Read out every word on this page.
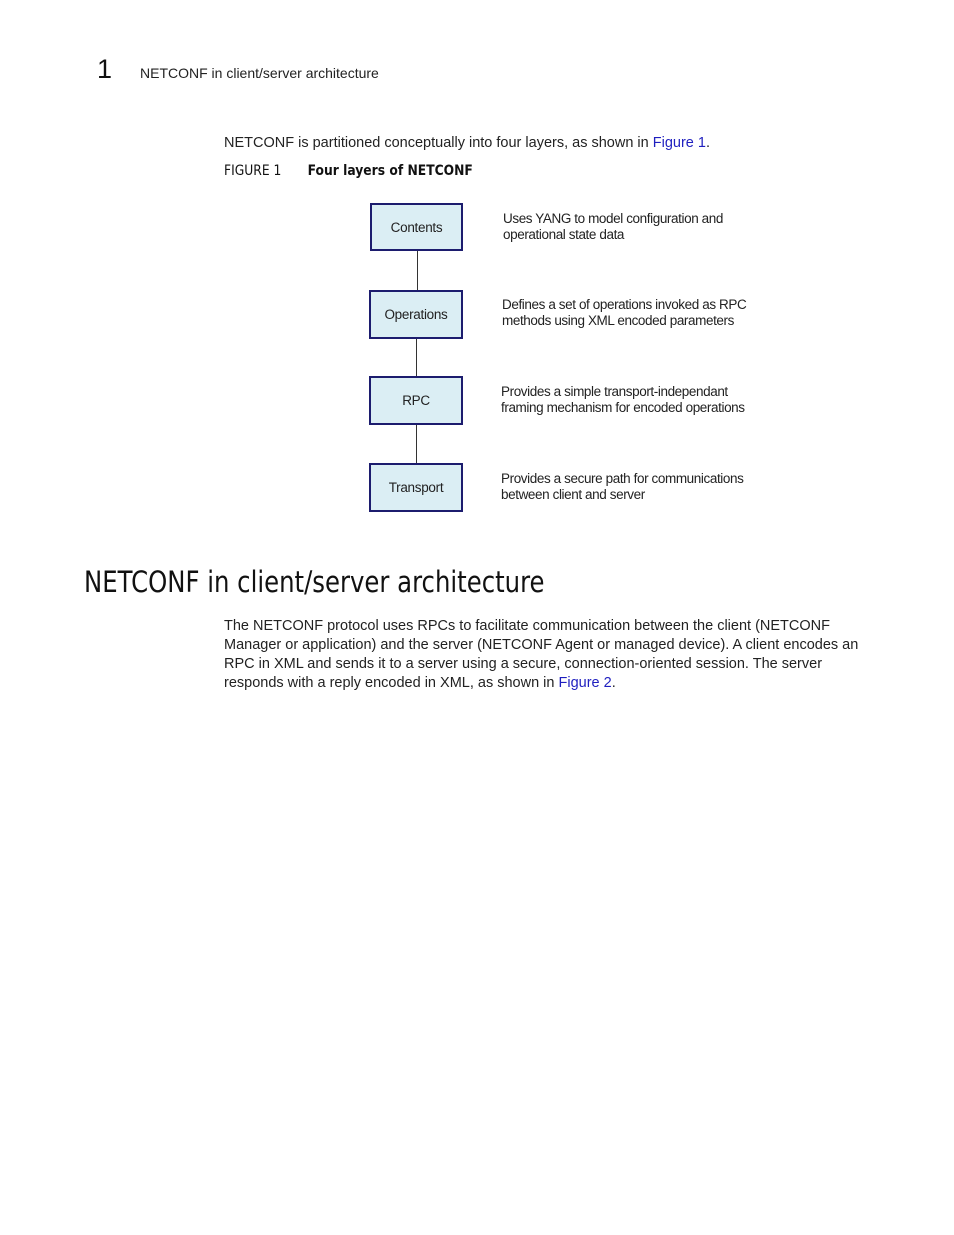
1 NETCONF in client/server architecture

NETCONF is partitioned conceptually into four layers, as shown in Figure 1.

FIGURE 1 Four layers of NETCONF
Contents
Operations
RPC
Transport
Uses YANG to model configuration and
operational state data
Defines a set of operations invoked as RPC
methods using XML encoded parameters
Provides a simple transport-independant
framing mechanism for encoded operations
Provides a secure path for communications
between client and server
NETCONF in client/server architecture

The NETCONF protocol uses RPCs to facilitate communication between the client (NETCONF Manager or application) and the server (NETCONF Agent or managed device). A client encodes an RPC in XML and sends it to a server using a secure, connection-oriented session. The server responds with a reply encoded in XML, as shown in Figure 2.
